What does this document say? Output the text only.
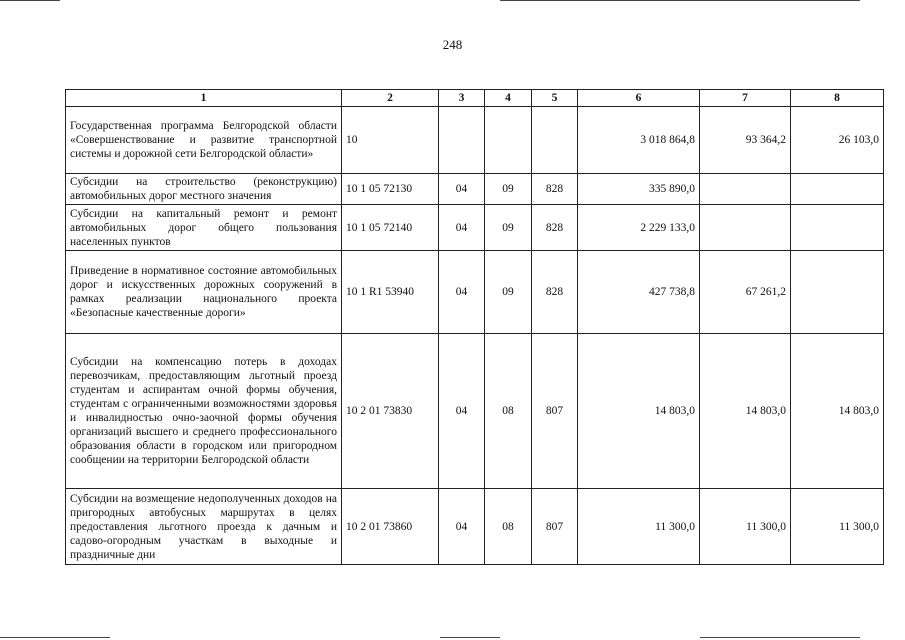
248
1	2	3	4	5	6	7	8
Государственная программа Белгородской области «Совершенствование и развитие транспортной системы и дорожной сети Белгородской области»	10				3 018 864,8	93 364,2	26 103,0
Субсидии на строительство (реконструкцию) автомобильных дорог местного значения	10 1 05 72130	04	09	828	335 890,0		
Субсидии на капитальный ремонт и ремонт автомобильных дорог общего пользования населенных пунктов	10 1 05 72140	04	09	828	2 229 133,0		
Приведение в нормативное состояние автомобильных дорог и искусственных дорожных сооружений в рамках реализации национального проекта «Безопасные качественные дороги»	10 1 R1 53940	04	09	828	427 738,8	67 261,2	
Субсидии на компенсацию потерь в доходах перевозчикам, предоставляющим льготный проезд студентам и аспирантам очной формы обучения, студентам с ограниченными возможностями здоровья и инвалидностью очно-заочной формы обучения организаций высшего и среднего профессионального образования области в городском или пригородном сообщении на территории Белгородской области	10 2 01 73830	04	08	807	14 803,0	14 803,0	14 803,0
Субсидии на возмещение недополученных доходов на пригородных автобусных маршрутах в целях предоставления льготного проезда к дачным и садово-огородным участкам в выходные и праздничные дни	10 2 01 73860	04	08	807	11 300,0	11 300,0	11 300,0
